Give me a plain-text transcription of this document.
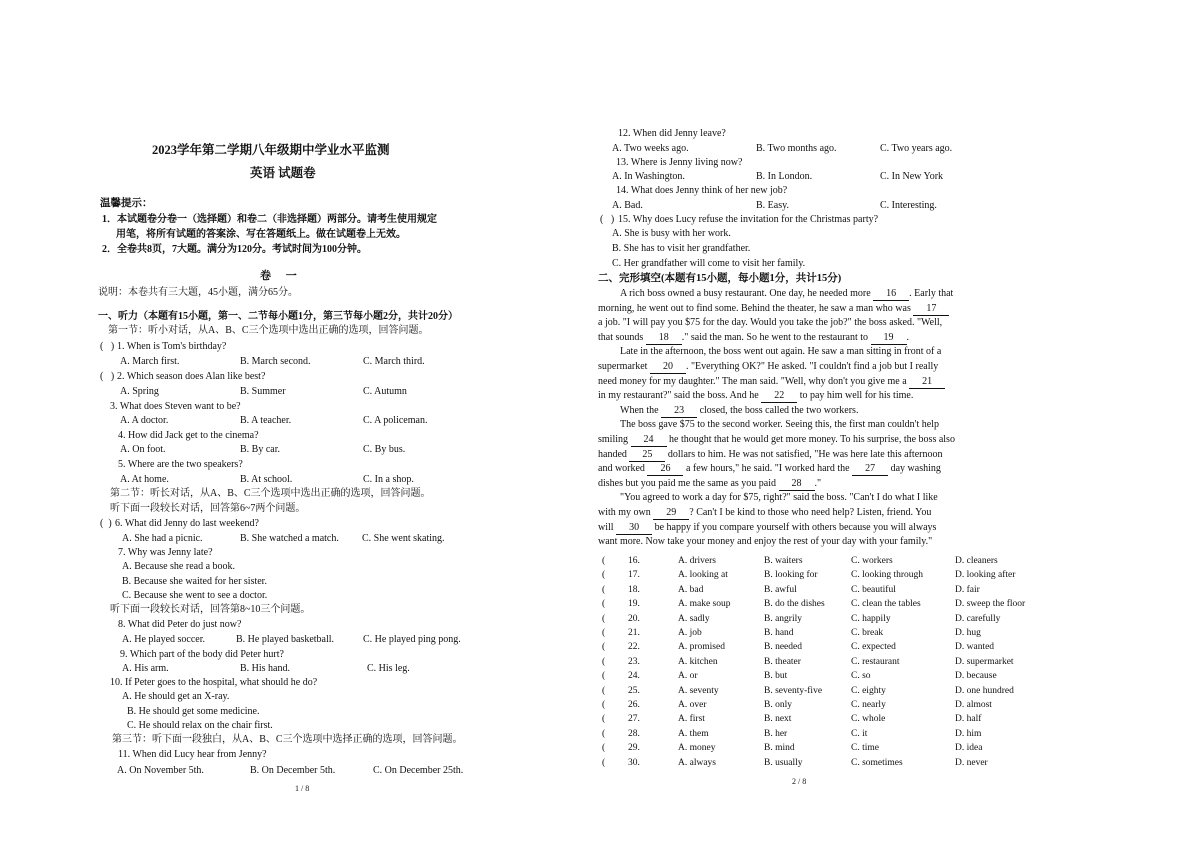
2023学年第二学期八年级期中学业水平监测
英语 试题卷
温馨提示：
1．本试题卷分卷一（选择题）和卷二（非选择题）两部分。请考生使用规定
用笔，将所有试题的答案涂、写在答题纸上。做在试题卷上无效。
2．全卷共8页，7大题。满分为120分。考试时间为100分钟。
卷 一
说明：本卷共有三大题，45小题，满分65分。
一、听力（本题有15小题，第一、二节每小题1分，第三节每小题2分，共计20分）
第一节：听小对话，从A、B、C三个选项中选出正确的选项，回答问题。
(   ) 1. When is Tom's birthday?
A. March first.	B. March second.	C. March third.
(   ) 2. Which season does Alan like best?
A. Spring	B. Summer	C. Autumn
3. What does Steven want to be?
A. A doctor.	B. A teacher.	C. A policeman.
4. How did Jack get to the cinema?
A. On foot.	B. By car.	C. By bus.
5. Where are the two speakers?
A. At home.	B. At school.	C. In a shop.
第二节：听长对话，从A、B、C三个选项中选出正确的选项，回答问题。
听下面一段较长对话，回答第6~7两个问题。
(  ) 6. What did Jenny do last weekend?
A. She had a picnic.	B. She watched a match. C. She went skating.
7. Why was Jenny late?
A. Because she read a book.
B. Because she waited for her sister.
C. Because she went to see a doctor.
听下面一段较长对话，回答第8~10三个问题。
8. What did Peter do just now?
A. He played soccer.	B. He played basketball.	C. He played ping pong.
9. Which part of the body did Peter hurt?
A. His arm.	B. His hand.	C. His leg.
10. If Peter goes to the hospital, what should he do?
A. He should get an X-ray.
B. He should get some medicine.
C. He should relax on the chair first.
第三节：听下面一段独白，从A、B、C三个选项中选择正确的选项，回答问题。
11. When did Lucy hear from Jenny?
A. On November 5th.	B. On December 5th.	C. On December 25th.
1 / 8
12. When did Jenny leave?
A. Two weeks ago.	B. Two months ago.	C. Two years ago.
13. Where is Jenny living now?
A. In Washington.	B. In London.	C. In New York
14. What does Jenny think of her new job?
A. Bad.	B. Easy.	C. Interesting.
(   ) 15. Why does Lucy refuse the invitation for the Christmas party?
A. She is busy with her work.
B. She has to visit her grandfather.
C. Her grandfather will come to visit her family.
二、完形填空(本题有15小题，每小题1分，共计15分)
A rich boss owned a busy restaurant. One day, he needed more 16 . Early that
morning, he went out to find some. Behind the theater, he saw a man who was 17
a job. "I will pay you $75 for the day. Would you take the job?" the boss asked. "Well,
that sounds 18 ." said the man. So he went to the restaurant to 19 .
Late in the afternoon, the boss went out again. He saw a man sitting in front of a
supermarket 20 . "Everything OK?" He asked. "I couldn't find a job but I really
need money for my daughter." The man said. "Well, why don't you give me a 21
in my restaurant?" said the boss. And he 22 to pay him well for his time.
When the 23 closed, the boss called the two workers.
The boss gave $75 to the second worker. Seeing this, the first man couldn't help
smiling 24 he thought that he would get more money. To his surprise, the boss also
handed 25 dollars to him. He was not satisfied, "He was here late this afternoon
and worked 26 a few hours," he said. "I worked hard the 27 day washing
dishes but you paid me the same as you paid 28 ."
"You agreed to work a day for $75, right?" said the boss. "Can't I do what I like
with my own 29 ? Can't I be kind to those who need help? Listen, friend. You
will 30 be happy if you compare yourself with others because you will always
want more. Now take your money and enjoy the rest of your day with your family."
(	16.	A. drivers	B. waiters	C. workers	D. cleaners
(	17.	A. looking at	B. looking for	C. looking through	D. looking after
(	18.	A. bad	B. awful	C. beautiful	D. fair
(	19.	A. make soup	B. do the dishes	C. clean the tables	D. sweep the floor
(	20.	A. sadly	B. angrily	C. happily	D. carefully
(	21.	A. job	B. hand	C. break	D. hug
(	22.	A. promised	B. needed	C. expected	D. wanted
(	23.	A. kitchen	B. theater	C. restaurant	D. supermarket
(	24.	A. or	B. but	C. so	D. because
(	25.	A. seventy	B. seventy-five	C. eighty	D. one hundred
(	26.	A. over	B. only	C. nearly	D. almost
(	27.	A. first	B. next	C. whole	D. half
(	28.	A. them	B. her	C. it	D. him
(	29.	A. money	B. mind	C. time	D. idea
(	30.	A. always	B. usually	C. sometimes	D. never
2 / 8
